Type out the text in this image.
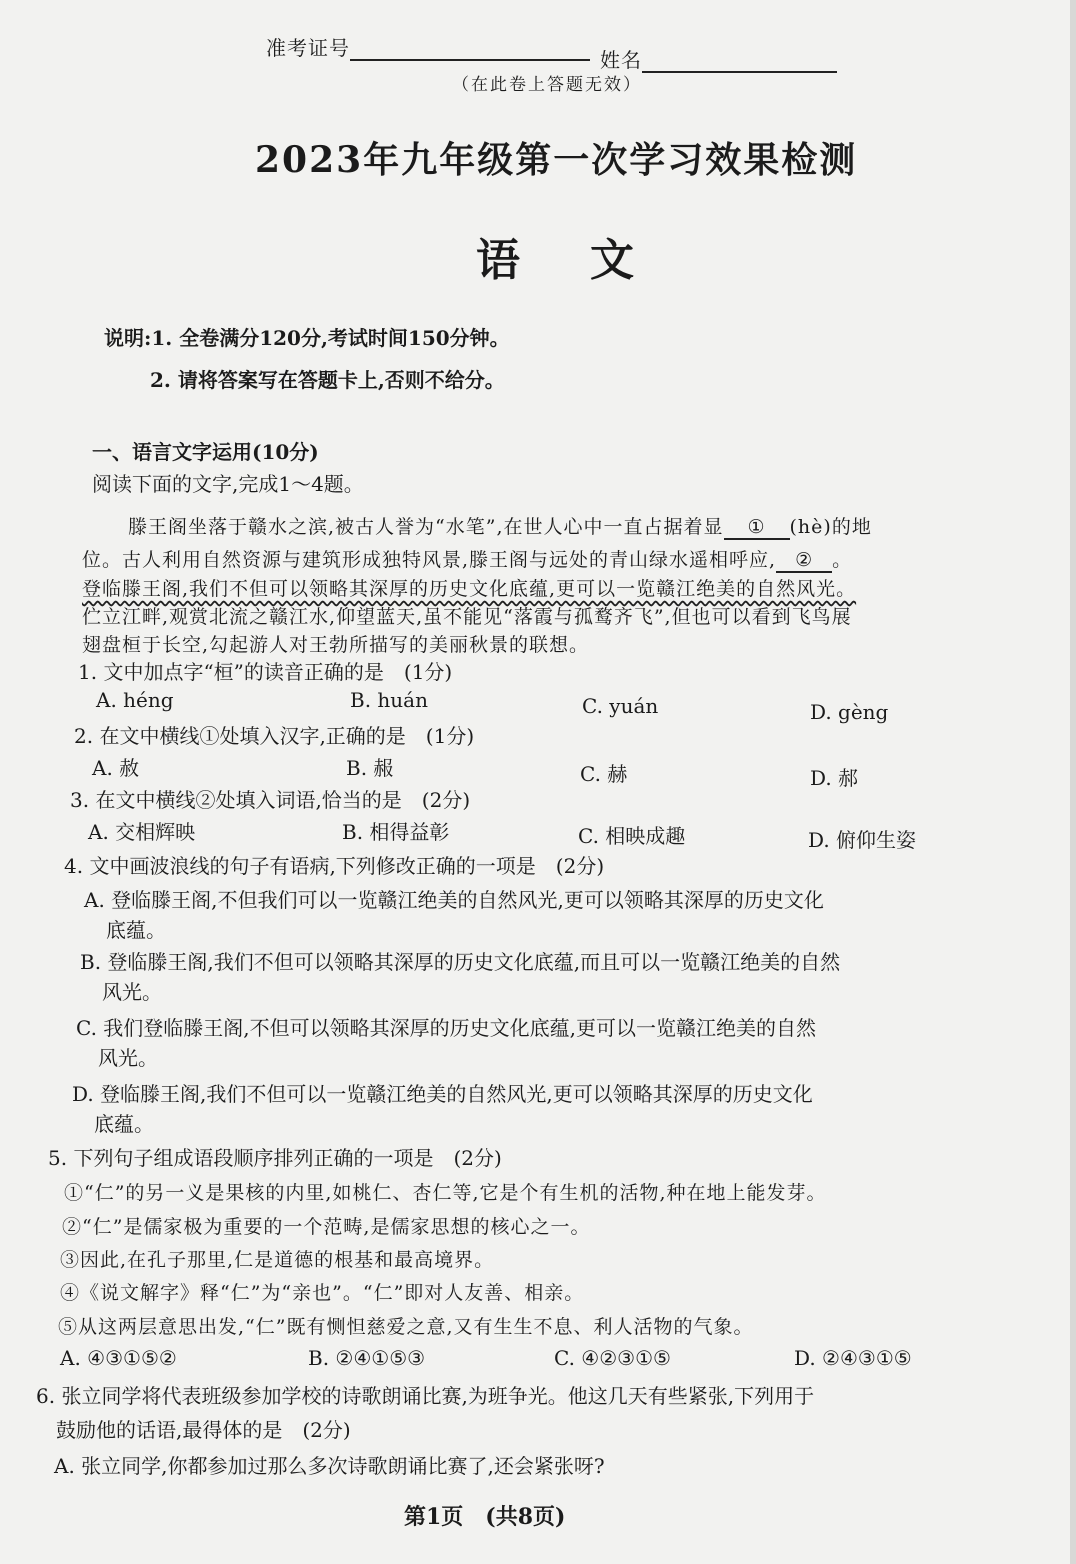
准考证号	姓名
（在此卷上答题无效）
2023年九年级第一次学习效果检测
语文
说明:1. 全卷满分120分,考试时间150分钟。
2. 请将答案写在答题卡上,否则不给分。
一、语言文字运用(10分)
阅读下面的文字,完成1～4题。
滕王阁坐落于赣水之滨,被古人誉为“水笔”,在世人心中一直占据着显 ① (hè)的地
位。古人利用自然资源与建筑形成独特风景,滕王阁与远处的青山绿水遥相呼应, ② 。
登临滕王阁,我们不但可以领略其深厚的历史文化底蕴,更可以一览赣江绝美的自然风光。
伫立江畔,观赏北流之赣江水,仰望蓝天,虽不能见“落霞与孤鹜齐飞”,但也可以看到飞鸟展
翅盘桓于长空,勾起游人对王勃所描写的美丽秋景的联想。
1. 文中加点字“桓”的读音正确的是　(1分)
A. héng	B. huán	C. yuán	D. gèng
2. 在文中横线①处填入汉字,正确的是　(1分)
A. 赦	B. 赧	C. 赫	D. 郝
3. 在文中横线②处填入词语,恰当的是　(2分)
A. 交相辉映	B. 相得益彰	C. 相映成趣	D. 俯仰生姿
4. 文中画波浪线的句子有语病,下列修改正确的一项是　(2分)
A. 登临滕王阁,不但我们可以一览赣江绝美的自然风光,更可以领略其深厚的历史文化
底蕴。
B. 登临滕王阁,我们不但可以领略其深厚的历史文化底蕴,而且可以一览赣江绝美的自然
风光。
C. 我们登临滕王阁,不但可以领略其深厚的历史文化底蕴,更可以一览赣江绝美的自然
风光。
D. 登临滕王阁,我们不但可以一览赣江绝美的自然风光,更可以领略其深厚的历史文化
底蕴。
5. 下列句子组成语段顺序排列正确的一项是　(2分)
①“仁”的另一义是果核的内里,如桃仁、杏仁等,它是个有生机的活物,种在地上能发芽。
②“仁”是儒家极为重要的一个范畴,是儒家思想的核心之一。
③因此,在孔子那里,仁是道德的根基和最高境界。
④《说文解字》释“仁”为“亲也”。“仁”即对人友善、相亲。
⑤从这两层意思出发,“仁”既有恻怛慈爱之意,又有生生不息、利人活物的气象。
A. ④③①⑤②	B. ②④①⑤③	C. ④②③①⑤	D. ②④③①⑤
6. 张立同学将代表班级参加学校的诗歌朗诵比赛,为班争光。他这几天有些紧张,下列用于
鼓励他的话语,最得体的是　(2分)
A. 张立同学,你都参加过那么多次诗歌朗诵比赛了,还会紧张呀?
第1页　(共8页)
